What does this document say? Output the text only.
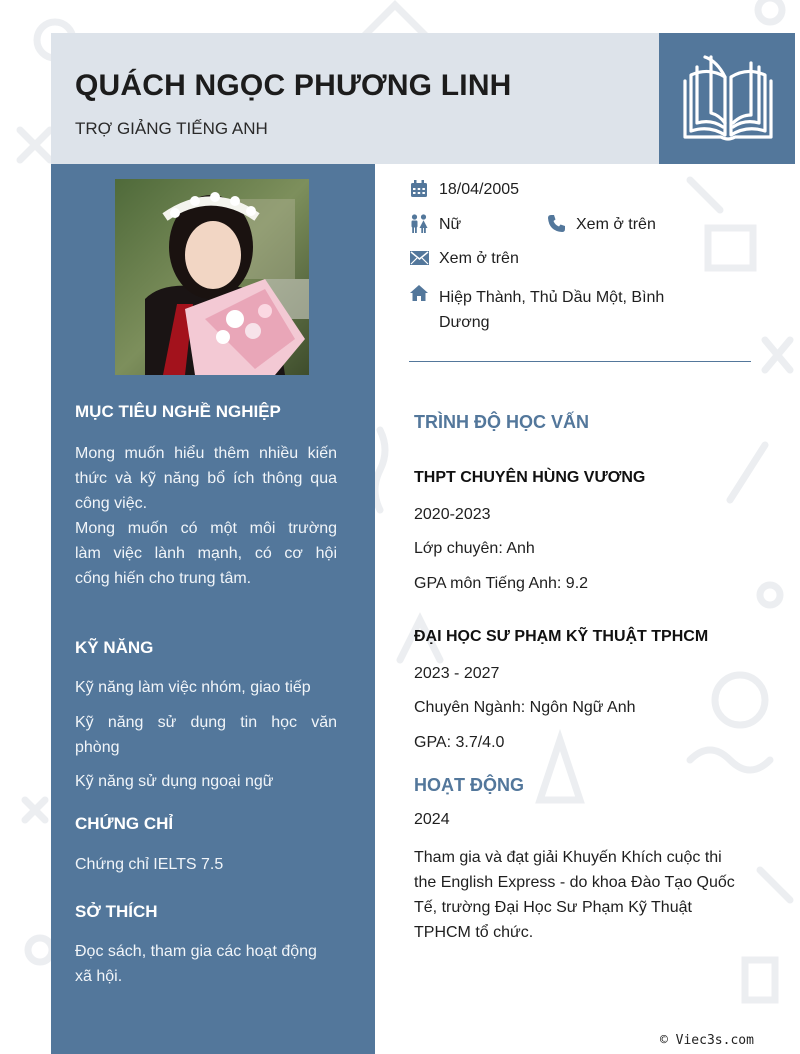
QUÁCH NGỌC PHƯƠNG LINH
TRỢ GIẢNG TIẾNG ANH
MỤC TIÊU NGHỀ NGHIỆP
Mong muốn hiểu thêm nhiều kiến
thức và kỹ năng bổ ích thông qua
công việc.
Mong muốn có một môi trường
làm việc lành mạnh, có cơ hội
cống hiến cho trung tâm.
KỸ NĂNG
Kỹ năng làm việc nhóm, giao tiếp
Kỹ năng sử dụng tin học văn
phòng
Kỹ năng sử dụng ngoại ngữ
CHỨNG CHỈ
Chứng chỉ IELTS 7.5
SỞ THÍCH
Đọc sách, tham gia các hoạt động
xã hội.
18/04/2005
Nữ	Xem ở trên
Xem ở trên
Hiệp Thành, Thủ Dầu Một, Bình
Dương
TRÌNH ĐỘ HỌC VẤN
THPT CHUYÊN HÙNG VƯƠNG
2020-2023
Lớp chuyên: Anh
GPA môn Tiếng Anh: 9.2
ĐẠI HỌC SƯ PHẠM KỸ THUẬT TPHCM
2023 - 2027
Chuyên Ngành: Ngôn Ngữ Anh
GPA: 3.7/4.0
HOẠT ĐỘNG
2024
Tham gia và đạt giải Khuyến Khích cuộc thi
the English Express - do khoa Đào Tạo Quốc
Tế, trường Đại Học Sư Phạm Kỹ Thuật
TPHCM tổ chức.
© Viec3s.com
